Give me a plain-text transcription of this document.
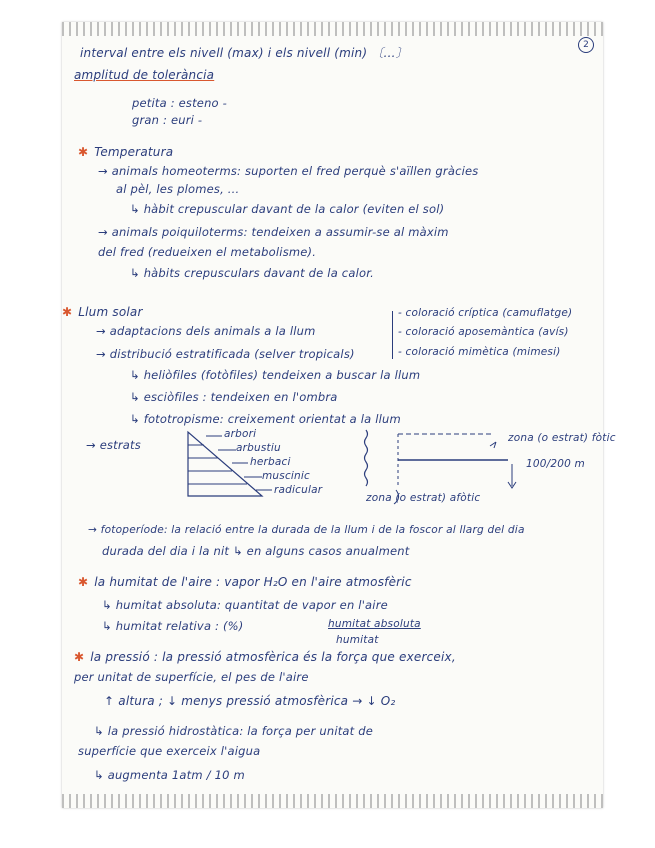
2
interval entre els nivell (max) i els nivell (min) 〔…〕
amplitud de tolerància
petita : esteno -
gran : euri -
✱ Temperatura
→ animals homeoterms: suporten el fred perquè s'aïllen gràcies
al pèl, les plomes, ...
↳ hàbit crepuscular davant de la calor (eviten el sol)
→ animals poiquiloterms: tendeixen a assumir-se al màxim
del fred (redueixen el metabolisme).
↳ hàbits crepusculars davant de la calor.
✱ Llum solar
→ adaptacions dels animals a la llum
→ distribució estratificada (selver tropicals)
- coloració críptica (camuflatge)
- coloració aposemàntica (avís)
- coloració mimètica (mimesi)
↳ heliòfiles (fotòfiles) tendeixen a buscar la llum
↳ esciòfiles : tendeixen en l'ombra
↳ fototropisme: creixement orientat a la llum
→ estrats
arbori
arbustiu
herbaci
muscinic
radicular
zona (o estrat) fòtic
100/200 m
zona (o estrat) afòtic
→ fotoperíode: la relació entre la durada de la llum i de la foscor al llarg del dia
durada del dia i la nit ↳ en alguns casos anualment
✱ la humitat de l'aire : vapor H₂O en l'aire atmosfèric
↳ humitat absoluta: quantitat de vapor en l'aire
↳ humitat relativa : (%)	humitat absoluta
humitat
✱ la pressió : la pressió atmosfèrica és la força que exerceix,
per unitat de superfície, el pes de l'aire
↑ altura ; ↓ menys pressió atmosfèrica → ↓ O₂
↳ la pressió hidrostàtica: la força per unitat de
superfície que exerceix l'aigua
↳ augmenta 1atm / 10 m
